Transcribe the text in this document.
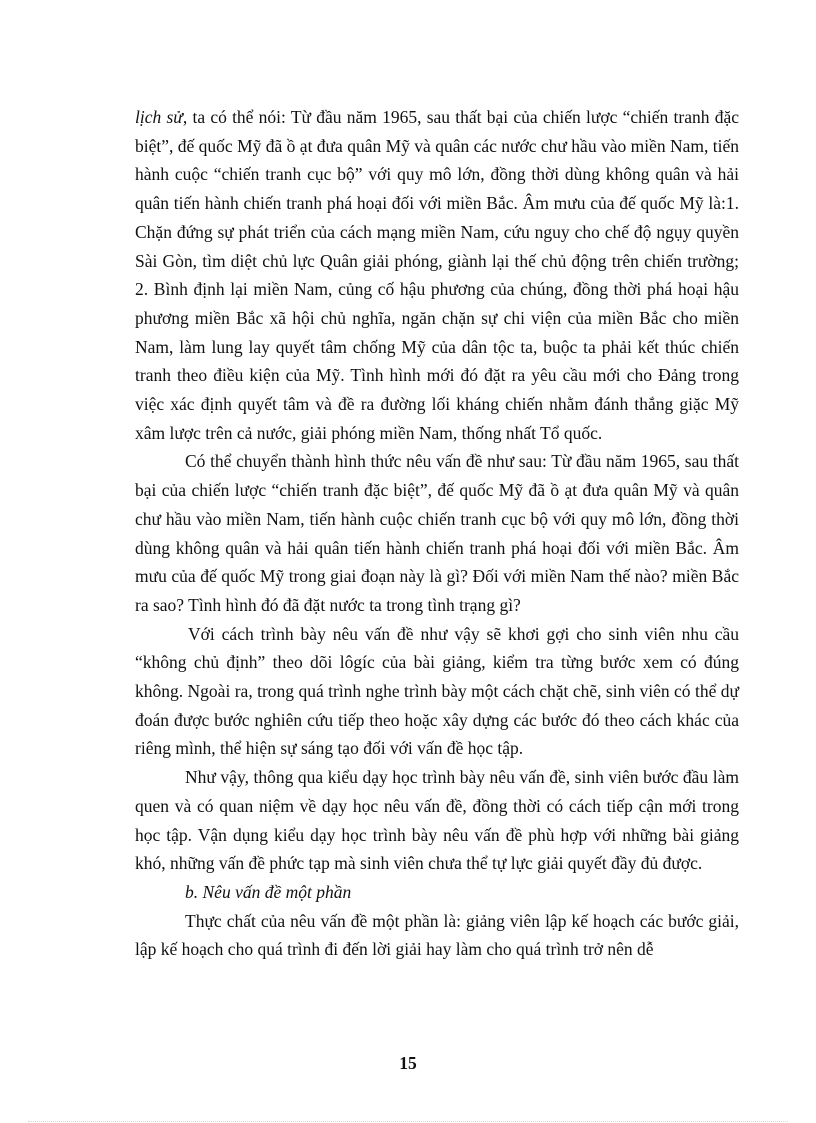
lịch sử, ta có thể nói: Từ đầu năm 1965, sau thất bại của chiến lược “chiến tranh đặc biệt”, đế quốc Mỹ đã ồ ạt đưa quân Mỹ và quân các nước chư hầu vào miền Nam, tiến hành cuộc “chiến tranh cục bộ” với quy mô lớn, đồng thời dùng không quân và hải quân tiến hành chiến tranh phá hoại đối với miền Bắc. Âm mưu của đế quốc Mỹ là:1. Chặn đứng sự phát triển của cách mạng miền Nam, cứu nguy cho chế độ ngụy quyền Sài Gòn, tìm diệt chủ lực Quân giải phóng, giành lại thế chủ động trên chiến trường; 2. Bình định lại miền Nam, củng cố hậu phương của chúng, đồng thời phá hoại hậu phương miền Bắc xã hội chủ nghĩa, ngăn chặn sự chi viện của miền Bắc cho miền Nam, làm lung lay quyết tâm chống Mỹ của dân tộc ta, buộc ta phải kết thúc chiến tranh theo điều kiện của Mỹ. Tình hình mới đó đặt ra yêu cầu mới cho Đảng trong việc xác định quyết tâm và đề ra đường lối kháng chiến nhằm đánh thắng giặc Mỹ xâm lược trên cả nước, giải phóng miền Nam, thống nhất Tổ quốc.

Có thể chuyển thành hình thức nêu vấn đề như sau: Từ đầu năm 1965, sau thất bại của chiến lược “chiến tranh đặc biệt”, đế quốc Mỹ đã ồ ạt đưa quân Mỹ và quân chư hầu vào miền Nam, tiến hành cuộc chiến tranh cục bộ với quy mô lớn, đồng thời dùng không quân và hải quân tiến hành chiến tranh phá hoại đối với miền Bắc. Âm mưu của đế quốc Mỹ trong giai đoạn này là gì? Đối với miền Nam thế nào? miền Bắc ra sao? Tình hình đó đã đặt nước ta trong tình trạng gì?

Với cách trình bày nêu vấn đề như vậy sẽ khơi gợi cho sinh viên nhu cầu “không chủ định” theo dõi lôgíc của bài giảng, kiểm tra từng bước xem có đúng không. Ngoài ra, trong quá trình nghe trình bày một cách chặt chẽ, sinh viên có thể dự đoán được bước nghiên cứu tiếp theo hoặc xây dựng các bước đó theo cách khác của riêng mình, thể hiện sự sáng tạo đối với vấn đề học tập.

Như vậy, thông qua kiểu dạy học trình bày nêu vấn đề, sinh viên bước đầu làm quen và có quan niệm về dạy học nêu vấn đề, đồng thời có cách tiếp cận mới trong học tập. Vận dụng kiểu dạy học trình bày nêu vấn đề phù hợp với những bài giảng khó, những vấn đề phức tạp mà sinh viên chưa thể tự lực giải quyết đầy đủ được.

b. Nêu vấn đề một phần

Thực chất của nêu vấn đề một phần là: giảng viên lập kế hoạch các bước giải, lập kế hoạch cho quá trình đi đến lời giải hay làm cho quá trình trở nên dễ

15
